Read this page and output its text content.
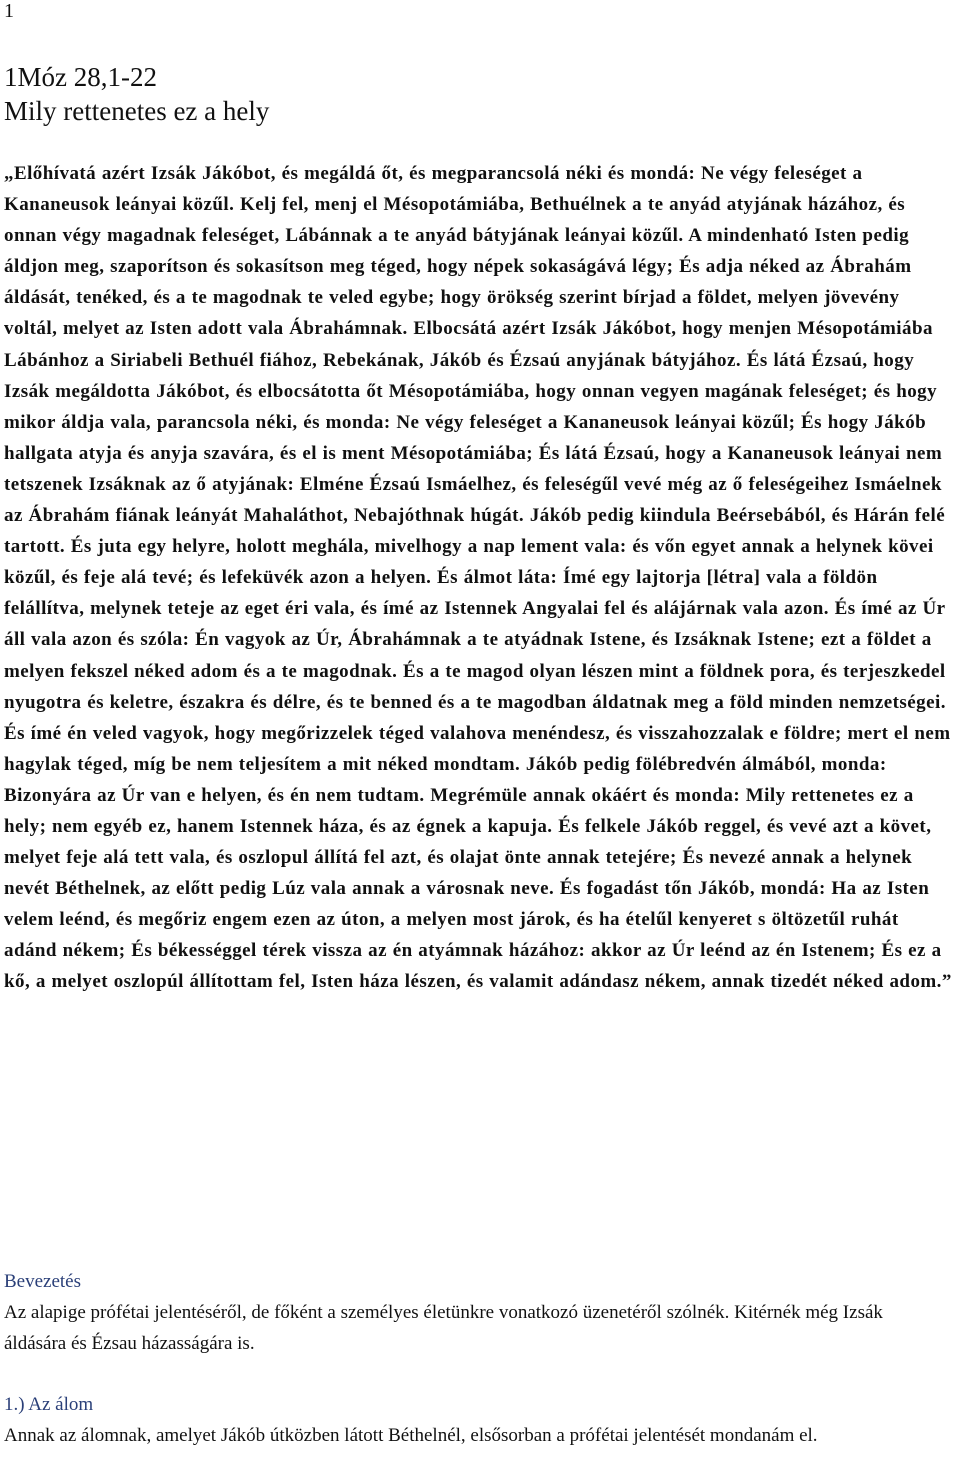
1
1Móz 28,1-22
Mily rettenetes ez a hely
„Előhívatá azért Izsák Jákóbot, és megáldá őt, és megparancsolá néki és mondá: Ne végy feleséget a Kananeusok leányai közűl. Kelj fel, menj el Mésopotámiába, Bethuélnek a te anyád atyjának házához, és onnan végy magadnak feleséget, Lábánnak a te anyád bátyjának leányai közűl. A mindenható Isten pedig áldjon meg, szaporítson és sokasítson meg téged, hogy népek sokaságává légy; És adja néked az Ábrahám áldását, tenéked, és a te magodnak te veled egybe; hogy örökség szerint bírjad a földet, melyen jövevény voltál, melyet az Isten adott vala Ábrahámnak. Elbocsátá azért Izsák Jákóbot, hogy menjen Mésopotámiába Lábánhoz a Siriabeli Bethuél fiához, Rebekának, Jákób és Ézsaú anyjának bátyjához. És látá Ézsaú, hogy Izsák megáldotta Jákóbot, és elbocsátotta őt Mésopotámiába, hogy onnan vegyen magának feleséget; és hogy mikor áldja vala, parancsola néki, és monda: Ne végy feleséget a Kananeusok leányai közűl; És hogy Jákób hallgata atyja és anyja szavára, és el is ment Mésopotámiába; És látá Ézsaú, hogy a Kananeusok leányai nem tetszenek Izsáknak az ő atyjának: Elméne Ézsaú Ismáelhez, és feleségűl vevé még az ő feleségeihez Ismáelnek az Ábrahám fiának leányát Mahaláthot, Nebajóthnak húgát. Jákób pedig kiindula Beérsebából, és Hárán felé tartott. És juta egy helyre, holott meghála, mivelhogy a nap lement vala: és vőn egyet annak a helynek kövei közűl, és feje alá tevé; és lefeküvék azon a helyen. És álmot láta: Ímé egy lajtorja [létra] vala a földön felállítva, melynek teteje az eget éri vala, és ímé az Istennek Angyalai fel és alájárnak vala azon. És ímé az Úr áll vala azon és szóla: Én vagyok az Úr, Ábrahámnak a te atyádnak Istene, és Izsáknak Istene; ezt a földet a melyen fekszel néked adom és a te magodnak. És a te magod olyan lészen mint a földnek pora, és terjeszkedel nyugotra és keletre, északra és délre, és te benned és a te magodban áldatnak meg a föld minden nemzetségei. És ímé én veled vagyok, hogy megőrizzelek téged valahova menéndesz, és visszahozzalak e földre; mert el nem hagylak téged, míg be nem teljesítem a mit néked mondtam. Jákób pedig fölébredvén álmából, monda: Bizonyára az Úr van e helyen, és én nem tudtam. Megrémüle annak okáért és monda: Mily rettenetes ez a hely; nem egyéb ez, hanem Istennek háza, és az égnek a kapuja. És felkele Jákób reggel, és vevé azt a követ, melyet feje alá tett vala, és oszlopul állítá fel azt, és olajat önte annak tetejére; És nevezé annak a helynek nevét Béthelnek, az előtt pedig Lúz vala annak a városnak neve. És fogadást tőn Jákób, mondá: Ha az Isten velem leénd, és megőriz engem ezen az úton, a melyen most járok, és ha ételűl kenyeret s öltözetűl ruhát adánd nékem; És békességgel térek vissza az én atyámnak házához: akkor az Úr leénd az én Istenem; És ez a kő, a melyet oszlopúl állítottam fel, Isten háza lészen, és valamit adándasz nékem, annak tizedét néked adom.”
Bevezetés
Az alapige prófétai jelentéséről, de főként a személyes életünkre vonatkozó üzenetéről szólnék. Kitérnék még Izsák áldására és Ézsau házasságára is.
1.) Az álom
Annak az álomnak, amelyet Jákób útközben látott Béthelnél, elsősorban a prófétai jelentését mondanám el.
